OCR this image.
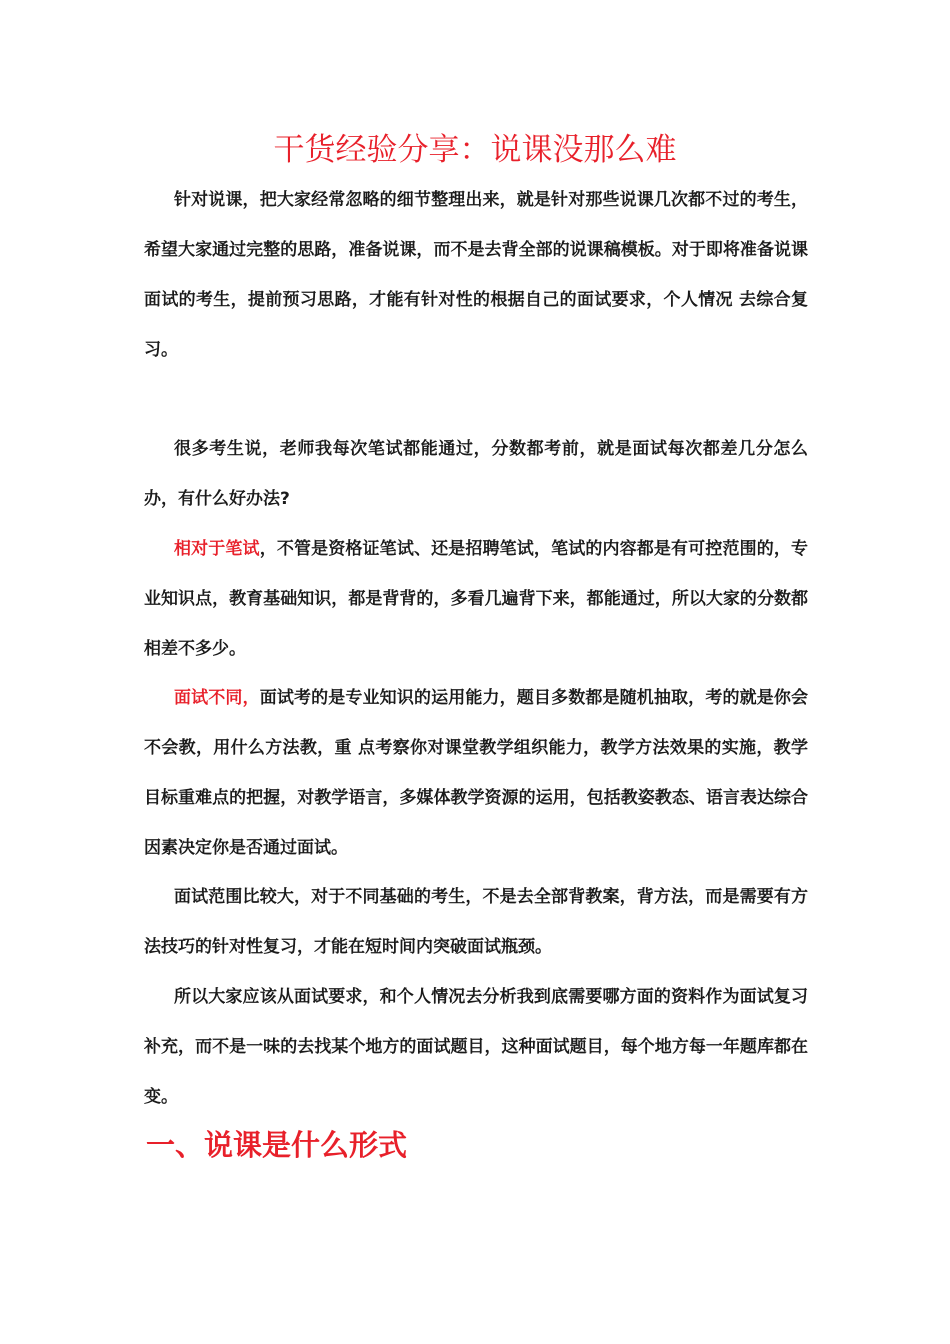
干货经验分享：说课没那么难

针对说课，把大家经常忽略的细节整理出来，就是针对那些说课几次都不过的考生，希望大家通过完整的思路，准备说课，而不是去背全部的说课稿模板。对于即将准备说课面试的考生，提前预习思路，才能有针对性的根据自己的面试要求，个人情况 去综合复习。

很多考生说，老师我每次笔试都能通过，分数都考前，就是面试每次都差几分怎么办，有什么好办法?

相对于笔试，不管是资格证笔试、还是招聘笔试，笔试的内容都是有可控范围的，专业知识点，教育基础知识，都是背背的，多看几遍背下来，都能通过，所以大家的分数都相差不多少。

面试不同，面试考的是专业知识的运用能力，题目多数都是随机抽取，考的就是你会不会教，用什么方法教，重 点考察你对课堂教学组织能力，教学方法效果的实施，教学目标重难点的把握，对教学语言，多媒体教学资源的运用，包括教姿教态、语言表达综合因素决定你是否通过面试。

面试范围比较大，对于不同基础的考生，不是去全部背教案，背方法，而是需要有方法技巧的针对性复习，才能在短时间内突破面试瓶颈。

所以大家应该从面试要求，和个人情况去分析我到底需要哪方面的资料作为面试复习补充，而不是一味的去找某个地方的面试题目，这种面试题目，每个地方每一年题库都在变。

一、说课是什么形式
